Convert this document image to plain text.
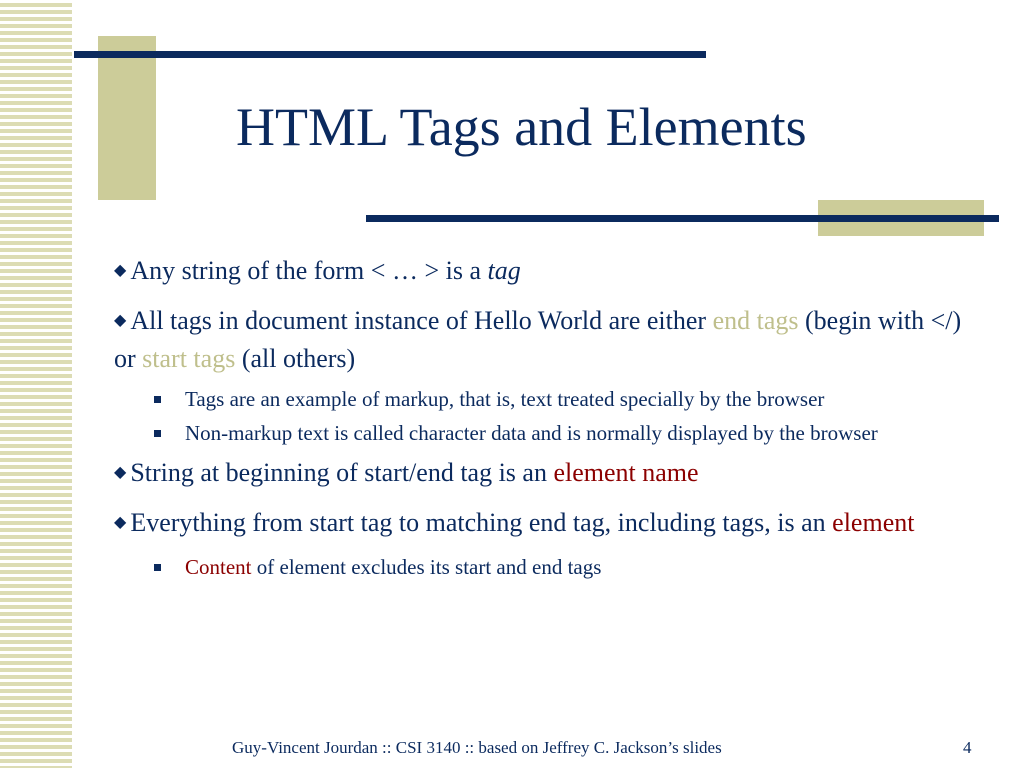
HTML Tags and Elements

◆ Any string of the form < … > is a tag

◆ All tags in document instance of Hello World are either end tags (begin with </) or start tags (all others)

Tags are an example of markup, that is, text treated specially by the browser

Non-markup text is called character data and is normally displayed by the browser

◆ String at beginning of start/end tag is an element name

◆ Everything from start tag to matching end tag, including tags, is an element

Content of element excludes its start and end tags

Guy-Vincent Jourdan :: CSI 3140 :: based on Jeffrey C. Jackson’s slides	4
